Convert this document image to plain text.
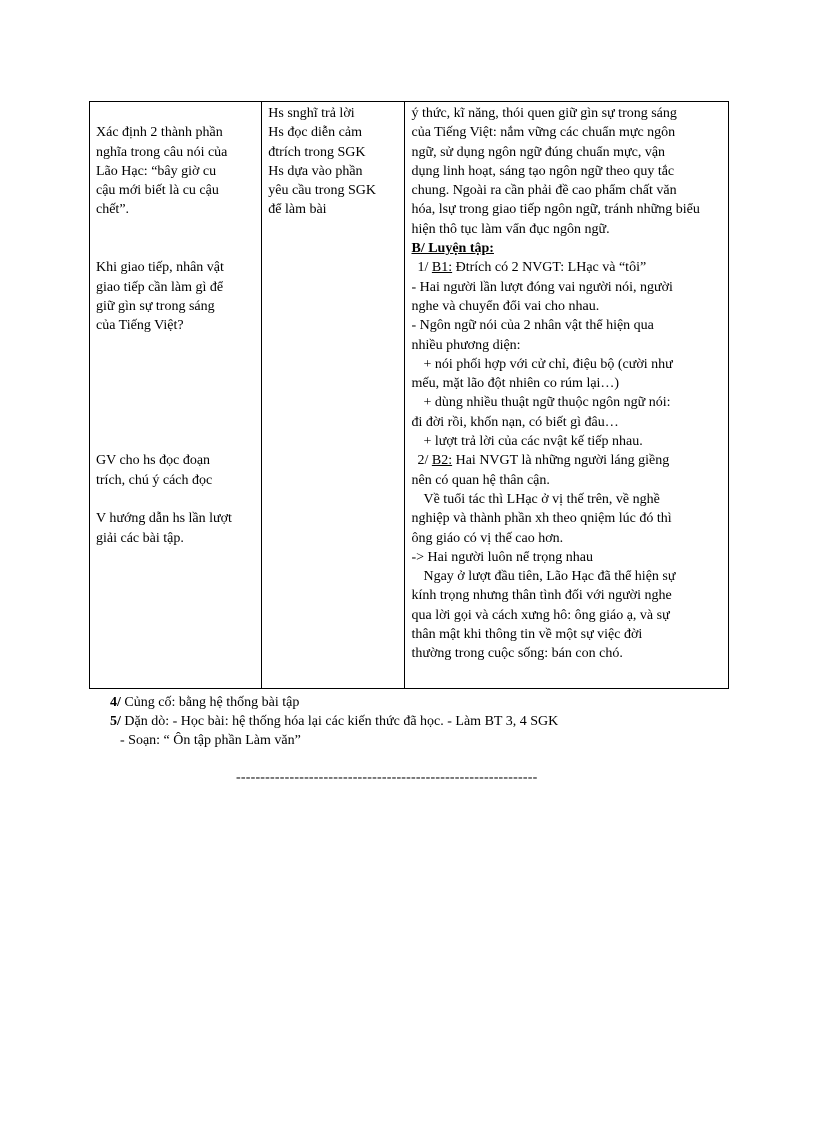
Xác định 2 thành phần
nghĩa trong câu nói của
Lão Hạc: “bây giờ cu
cậu mới biết là cu cậu
chết”.
Khi giao tiếp, nhân vật
giao tiếp cần làm gì để
giữ gìn sự trong sáng
của Tiếng Việt?
GV cho hs đọc đoạn
trích, chú ý cách đọc
V hướng dẫn hs lần lượt
giải các bài tập.

Hs snghĩ trả lời
Hs đọc diễn cảm
đtrích trong SGK
Hs dựa vào phần
yêu cầu trong SGK
để làm bài

ý thức, kĩ năng, thói quen giữ gìn sự trong sáng
của Tiếng Việt: nắm vững các chuẩn mực ngôn
ngữ, sử dụng ngôn ngữ đúng chuẩn mực, vận
dụng linh hoạt, sáng tạo ngôn ngữ theo quy tắc
chung. Ngoài ra cần phải đề cao phẩm chất văn
hóa, lsự trong giao tiếp ngôn ngữ, tránh những biểu
hiện thô tục làm vẩn đục ngôn ngữ.
B/ Luyện tập:
1/ B1: Đtrích có 2 NVGT: LHạc và “tôi”
- Hai người lần lượt đóng vai người nói, người
nghe và chuyển đổi vai cho nhau.
- Ngôn ngữ nói của 2 nhân vật thể hiện qua
nhiều phương diện:
+ nói phối hợp với cử chỉ, điệu bộ (cười như
mếu, mặt lão đột nhiên co rúm lại…)
+ dùng nhiều thuật ngữ thuộc ngôn ngữ nói:
đi đời rồi, khốn nạn, có biết gì đâu…
+ lượt trả lời của các nvật kế tiếp nhau.
2/ B2: Hai NVGT là những người láng giềng
nên có quan hệ thân cận.
Về tuổi tác thì LHạc ở vị thế trên, về nghề
nghiệp và thành phần xh theo qniệm lúc đó thì
ông giáo có vị thế cao hơn.
-> Hai người luôn nể trọng nhau
Ngay ở lượt đầu tiên, Lão Hạc đã thể hiện sự
kính trọng nhưng thân tình đối với người nghe
qua lời gọi và cách xưng hô: ông giáo ạ, và sự
thân mật khi thông tin về một sự việc đời
thường trong cuộc sống: bán con chó.
4/ Củng cố: bằng hệ thống bài tập
5/ Dặn dò: - Học bài: hệ thống hóa lại các kiến thức đã học. - Làm BT 3, 4 SGK
- Soạn: “ Ôn tập phần Làm văn”
--------------------------------------------------------------
